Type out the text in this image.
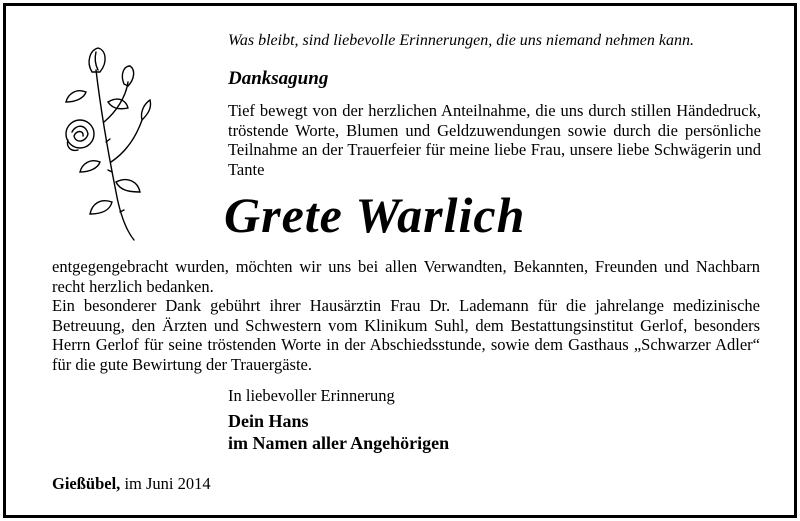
Was bleibt, sind liebevolle Erinnerungen, die uns niemand nehmen kann.
Danksagung
Tief bewegt von der herzlichen Anteilnahme, die uns durch stillen Händedruck, tröstende Worte, Blumen und Geldzuwendungen sowie durch die persönliche Teilnahme an der Trauerfeier für meine liebe Frau, unsere liebe Schwägerin und Tante
Grete Warlich

entgegengebracht wurden, möchten wir uns bei allen Verwandten, Bekannten, Freunden und Nachbarn recht herzlich bedanken.

Ein besonderer Dank gebührt ihrer Hausärztin Frau Dr. Lademann für die jahrelange medizinische Betreuung, den Ärzten und Schwestern vom Klinikum Suhl, dem Bestattungsinstitut Gerlof, besonders Herrn Gerlof für seine tröstenden Worte in der Abschiedsstunde, sowie dem Gasthaus „Schwarzer Adler“ für die gute Bewirtung der Trauergäste.

In liebevoller Erinnerung
Dein Hans
im Namen aller Angehörigen
Gießübel, im Juni 2014
